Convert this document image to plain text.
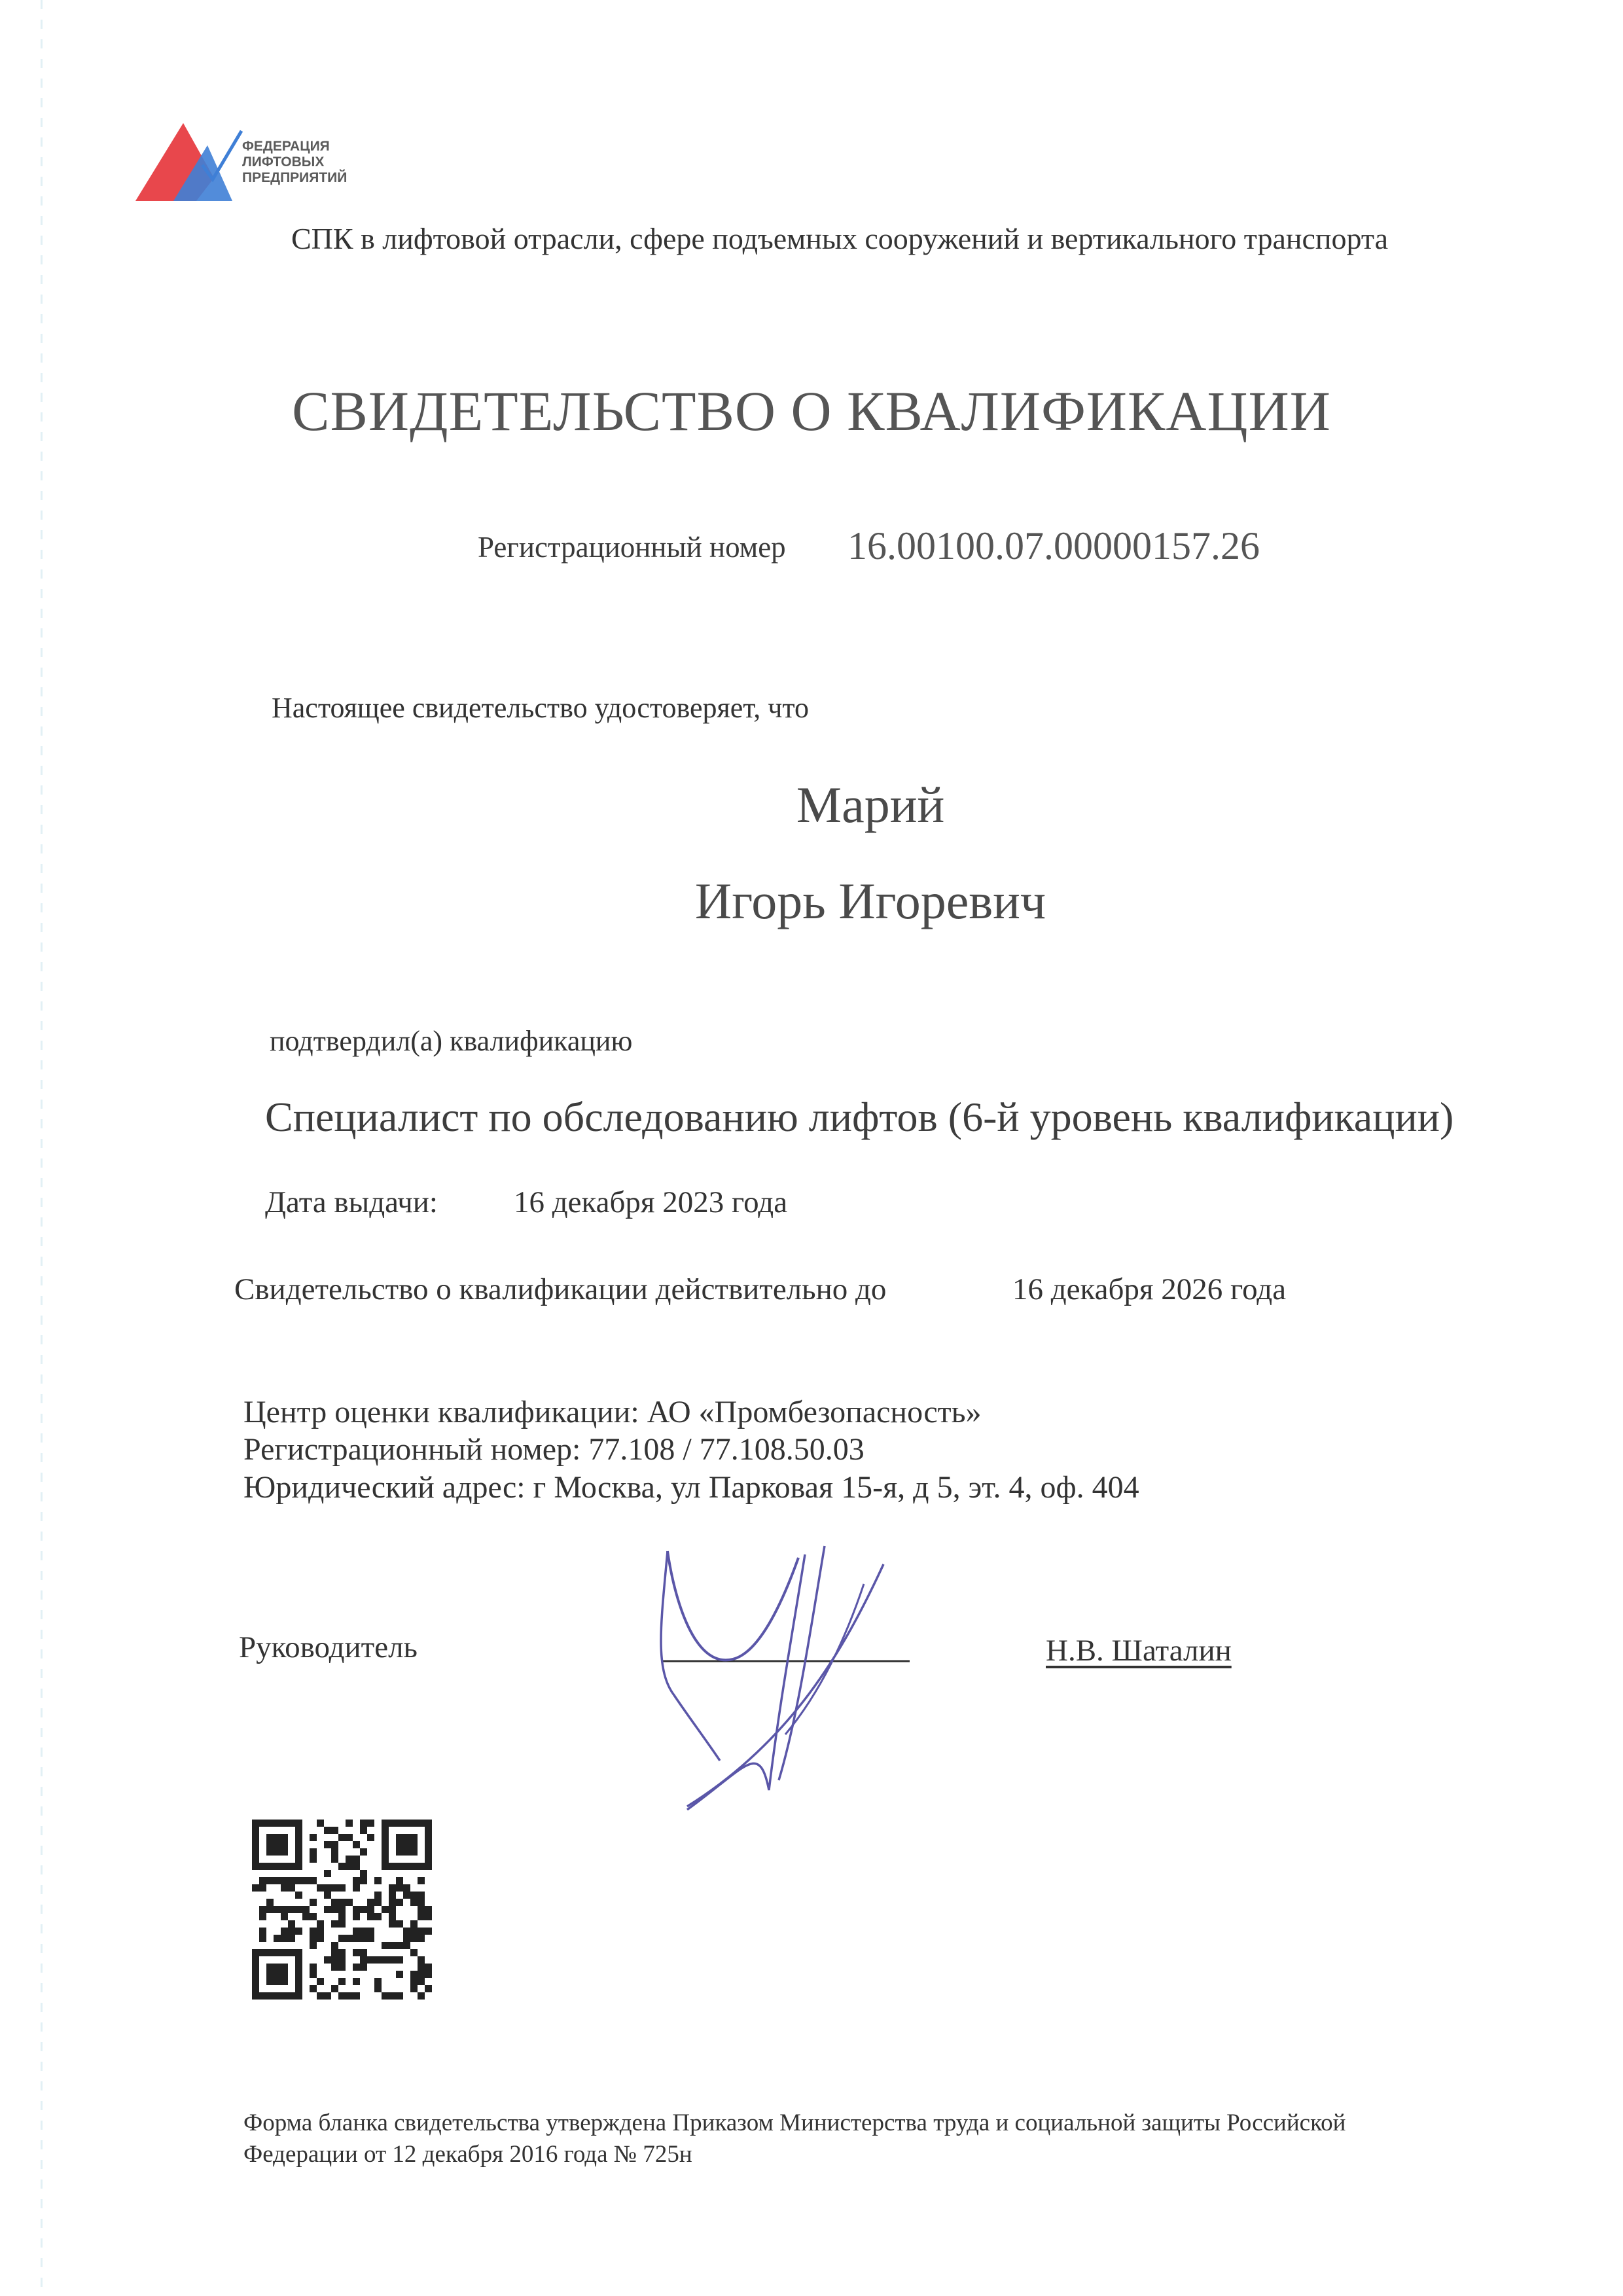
ФЕДЕРАЦИЯ
ЛИФТОВЫХ
ПРЕДПРИЯТИЙ
СПК в лифтовой отрасли, сфере подъемных сооружений и вертикального транспорта
СВИДЕТЕЛЬСТВО О КВАЛИФИКАЦИИ
Регистрационный номер 16.00100.07.00000157.26
Настоящее свидетельство удостоверяет, что
Марий
Игорь Игоревич
подтвердил(а) квалификацию
Специалист по обследованию лифтов (6-й уровень квалификации)
Дата выдачи: 16 декабря 2023 года
Свидетельство о квалификации действительно до	16 декабря 2026 года
Центр оценки квалификации: АО «Промбезопасность»
Регистрационный номер: 77.108 / 77.108.50.03
Юридический адрес: г Москва, ул Парковая 15-я, д 5, эт. 4, оф. 404
Руководитель	Н.В. Шаталин
Форма бланка свидетельства утверждена Приказом Министерства труда и социальной защиты Российской
Федерации от 12 декабря 2016 года № 725н
